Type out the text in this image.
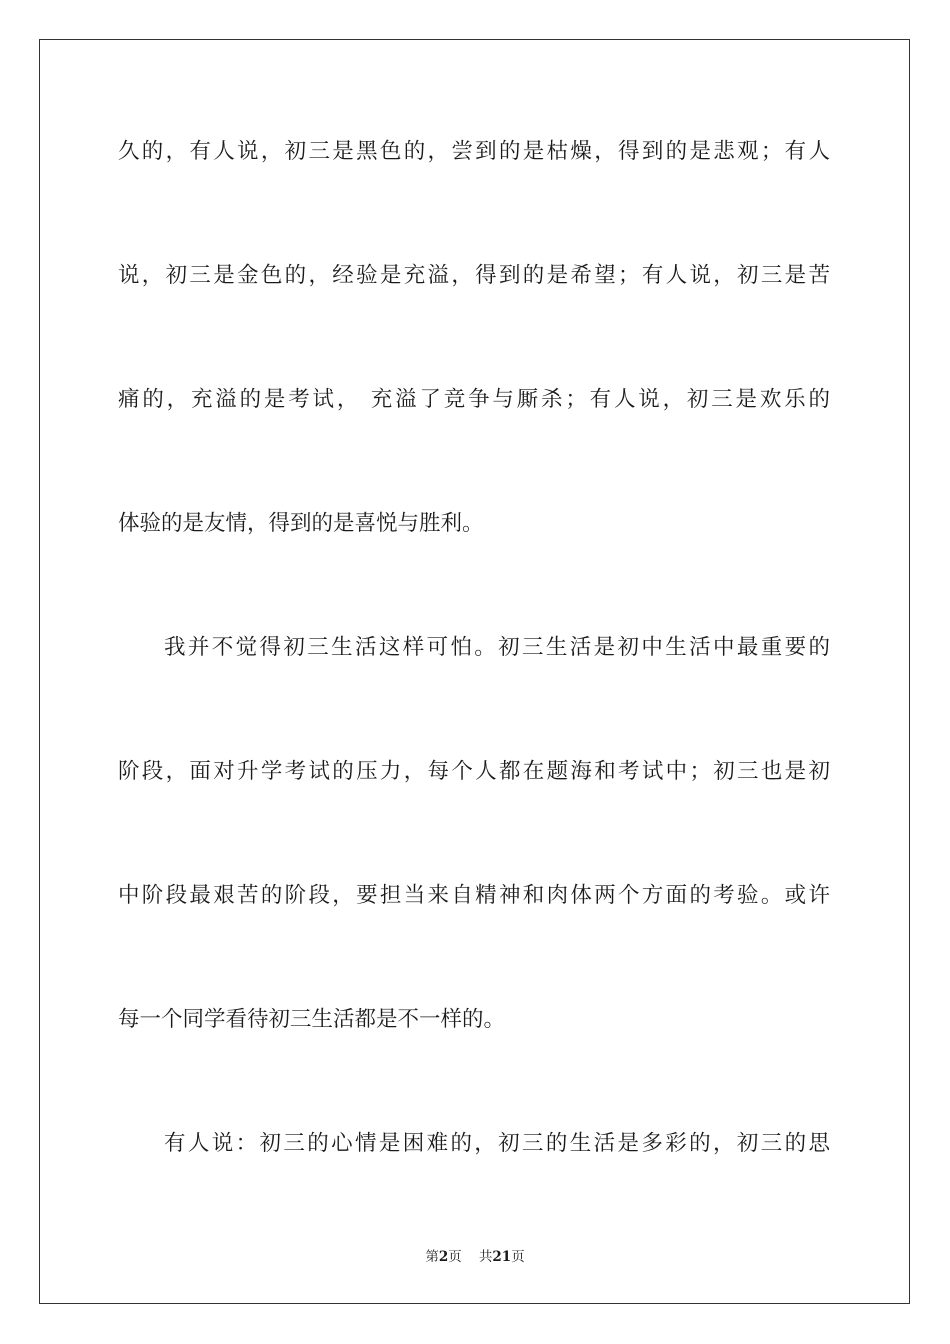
久的，有人说，初三是黑色的，尝到的是枯燥，得到的是悲观；有人
说，初三是金色的，经验是充溢，得到的是希望；有人说，初三是苦
痛的，充溢的是考试， 充溢了竞争与厮杀；有人说，初三是欢乐的
体验的是友情，得到的是喜悦与胜利。
我并不觉得初三生活这样可怕。初三生活是初中生活中最重要的
阶段，面对升学考试的压力，每个人都在题海和考试中；初三也是初
中阶段最艰苦的阶段，要担当来自精神和肉体两个方面的考验。或许
每一个同学看待初三生活都是不一样的。
有人说：初三的心情是困难的，初三的生活是多彩的，初三的思
第2页 共21页
